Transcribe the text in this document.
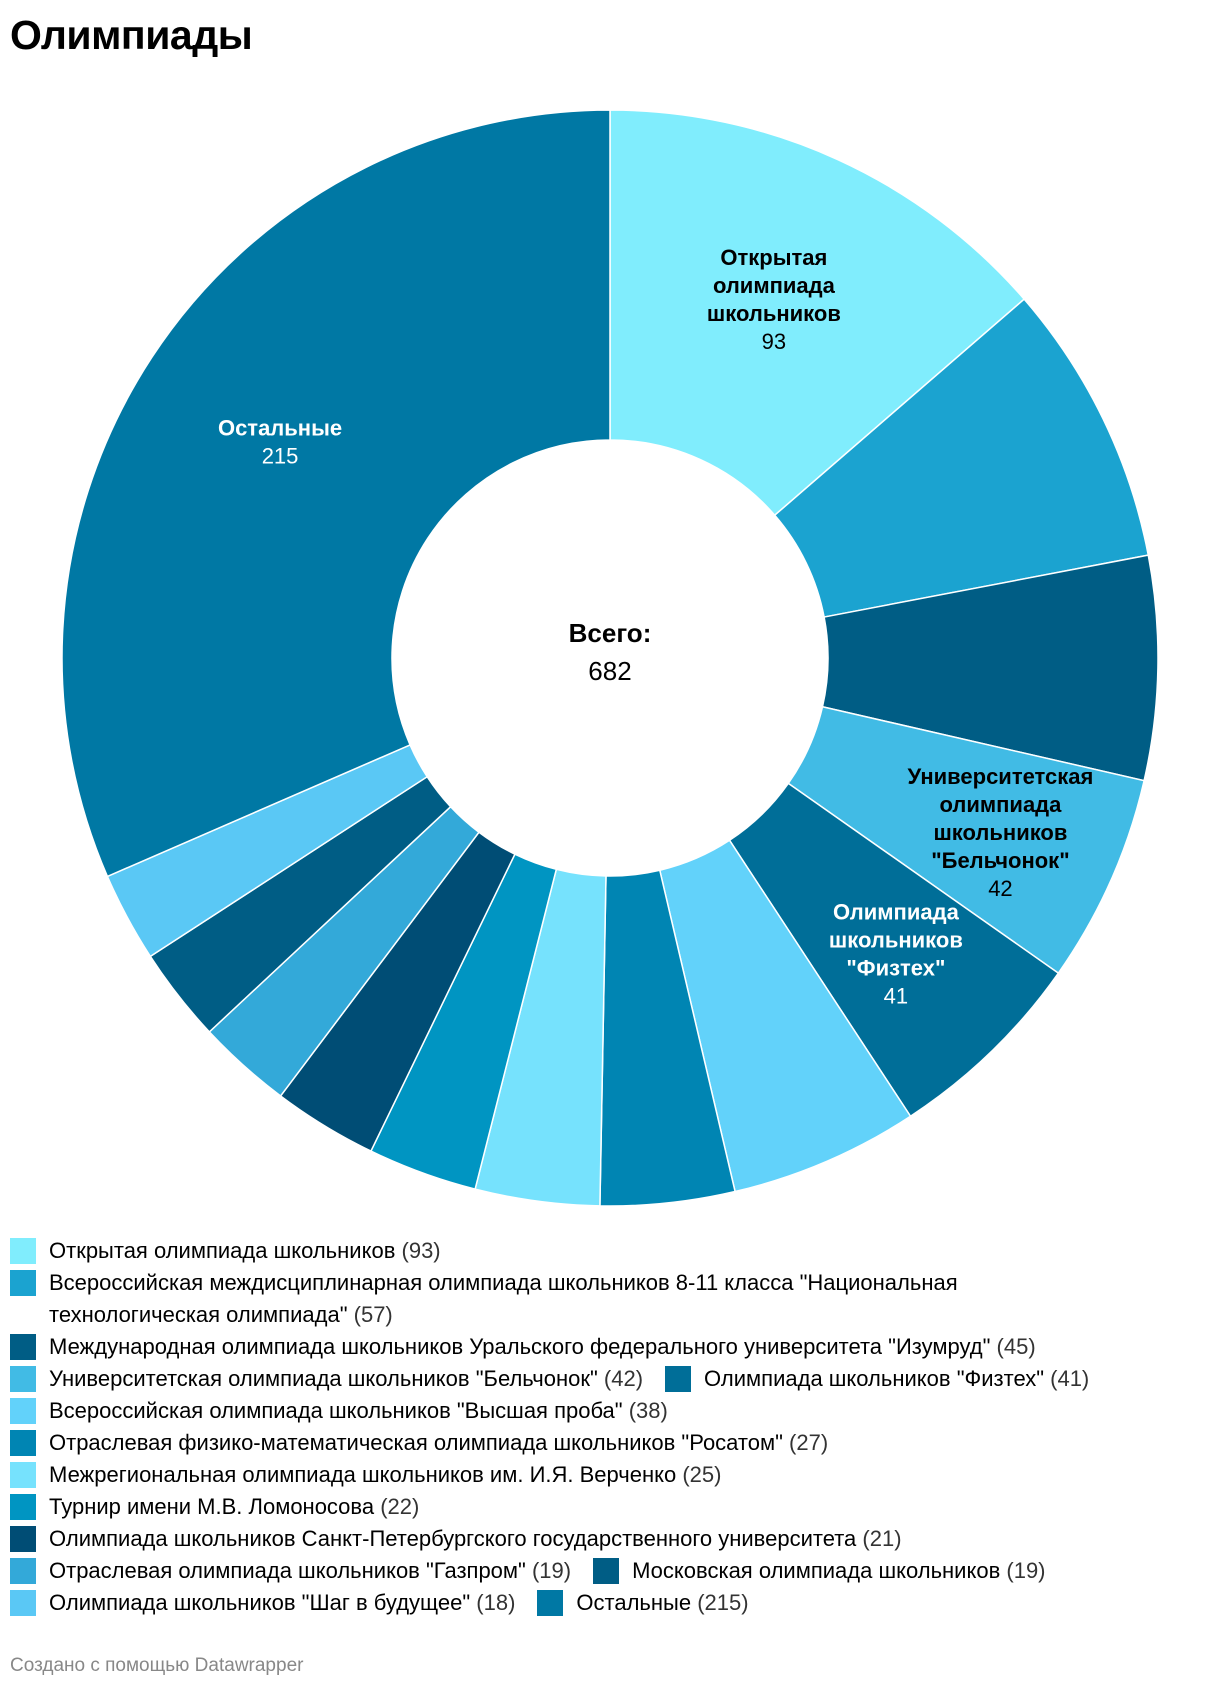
Олимпиады
Открытая олимпиада школьников 93
Университетская олимпиада школьников "Бельчонок" 42
Олимпиада школьников "Физтех" 41
Остальные 215
Всего:
682
Открытая олимпиада школьников (93)
Всероссийская междисциплинарная олимпиада школьников 8-11 класса "Национальная технологическая олимпиада" (57)
Международная олимпиада школьников Уральского федерального университета "Изумруд" (45)
Университетская олимпиада школьников "Бельчонок" (42)	Олимпиада школьников "Физтех" (41)
Всероссийская олимпиада школьников "Высшая проба" (38)
Отраслевая физико-математическая олимпиада школьников "Росатом" (27)
Межрегиональная олимпиада школьников им. И.Я. Верченко (25)
Турнир имени М.В. Ломоносова (22)
Олимпиада школьников Санкт-Петербургского государственного университета (21)
Отраслевая олимпиада школьников "Газпром" (19)	Московская олимпиада школьников (19)
Олимпиада школьников "Шаг в будущее" (18)	Остальные (215)
Создано с помощью Datawrapper
